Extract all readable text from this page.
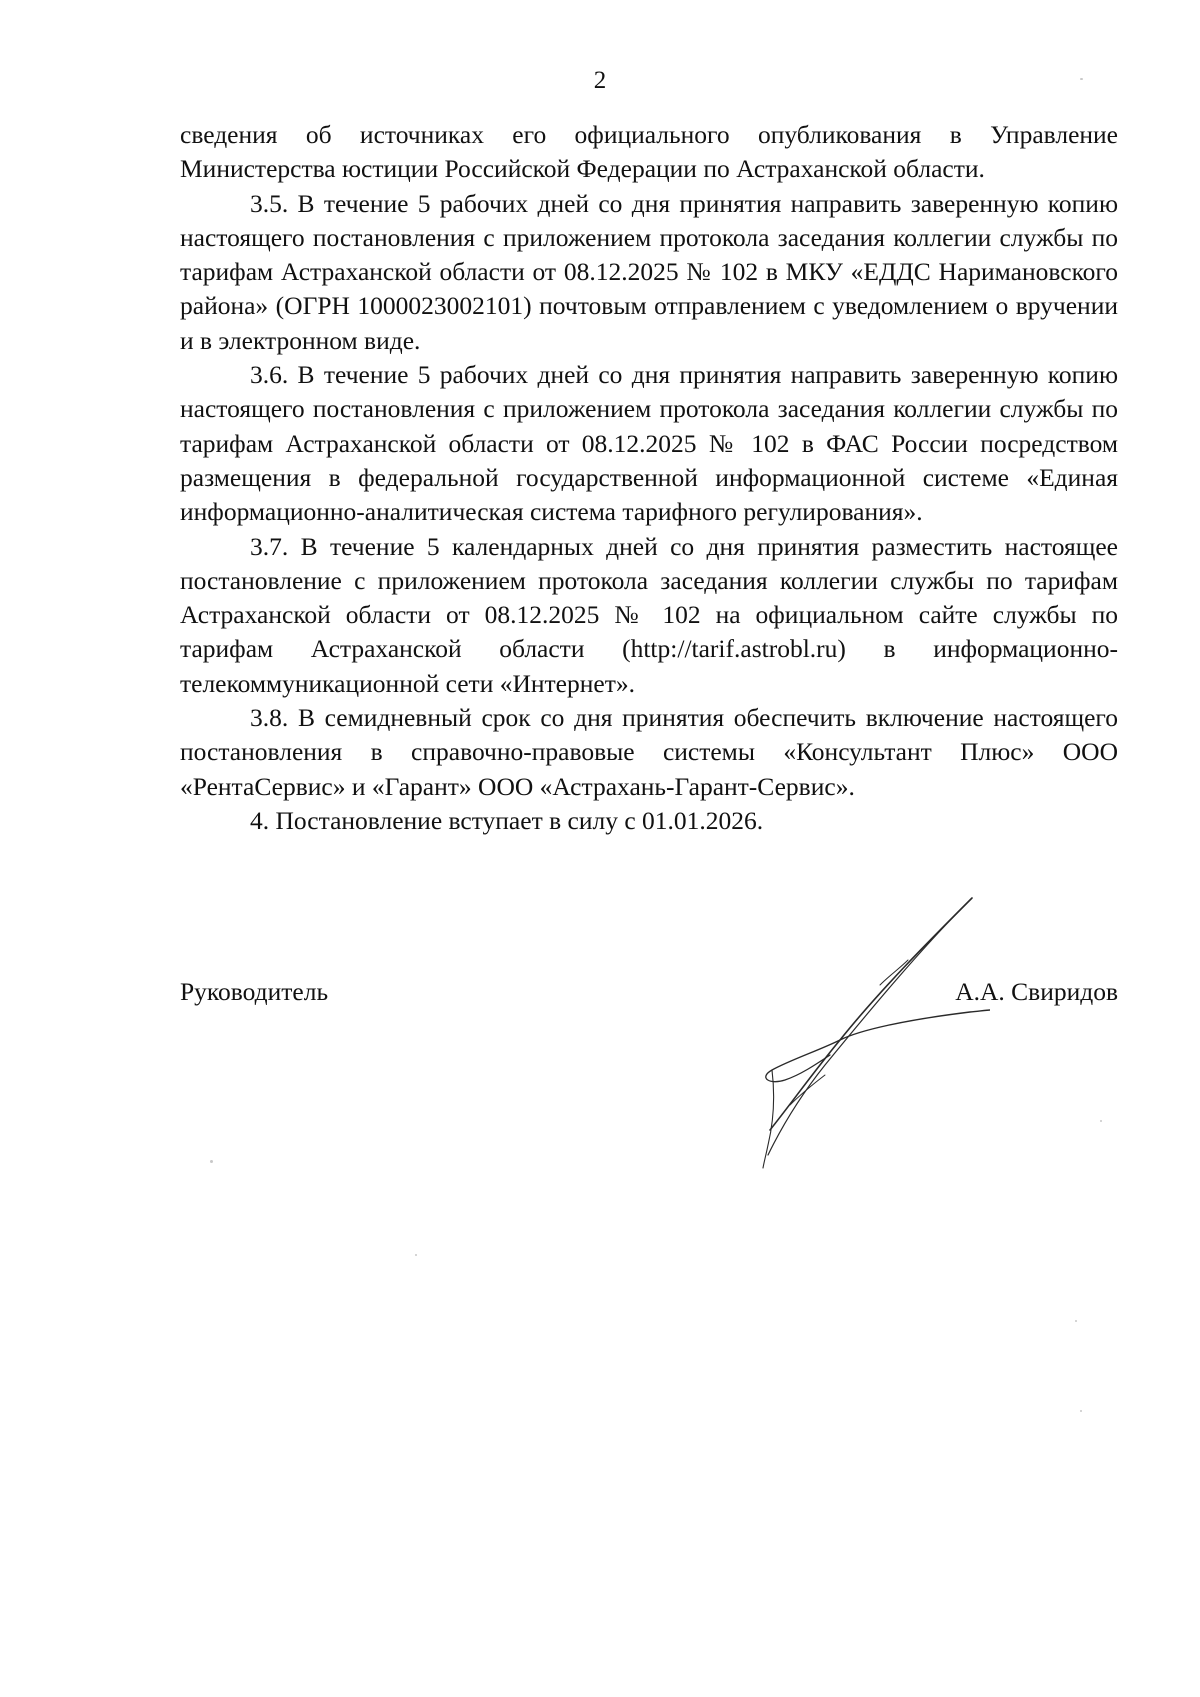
2

сведения об источниках его официального опубликования в Управление Министерства юстиции Российской Федерации по Астраханской области.

3.5. В течение 5 рабочих дней со дня принятия направить заверенную копию настоящего постановления с приложением протокола заседания коллегии службы по тарифам Астраханской области от 08.12.2025 № 102 в МКУ «ЕДДС Наримановского района» (ОГРН 1000023002101) почтовым отправлением с уведомлением о вручении и в электронном виде.

3.6. В течение 5 рабочих дней со дня принятия направить заверенную копию настоящего постановления с приложением протокола заседания коллегии службы по тарифам Астраханской области от 08.12.2025 № 102 в ФАС России посредством размещения в федеральной государственной информационной системе «Единая информационно-аналитическая система тарифного регулирования».

3.7. В течение 5 календарных дней со дня принятия разместить настоящее постановление с приложением протокола заседания коллегии службы по тарифам Астраханской области от 08.12.2025 № 102 на официальном сайте службы по тарифам Астраханской области (http://tarif.astrobl.ru) в информационно-телекоммуникационной сети «Интернет».

3.8. В семидневный срок со дня принятия обеспечить включение настоящего постановления в справочно-правовые системы «Консультант Плюс» ООО «РентаСервис» и «Гарант» ООО «Астрахань-Гарант-Сервис».

4. Постановление вступает в силу с 01.01.2026.

Руководитель	А.А. Свиридов
